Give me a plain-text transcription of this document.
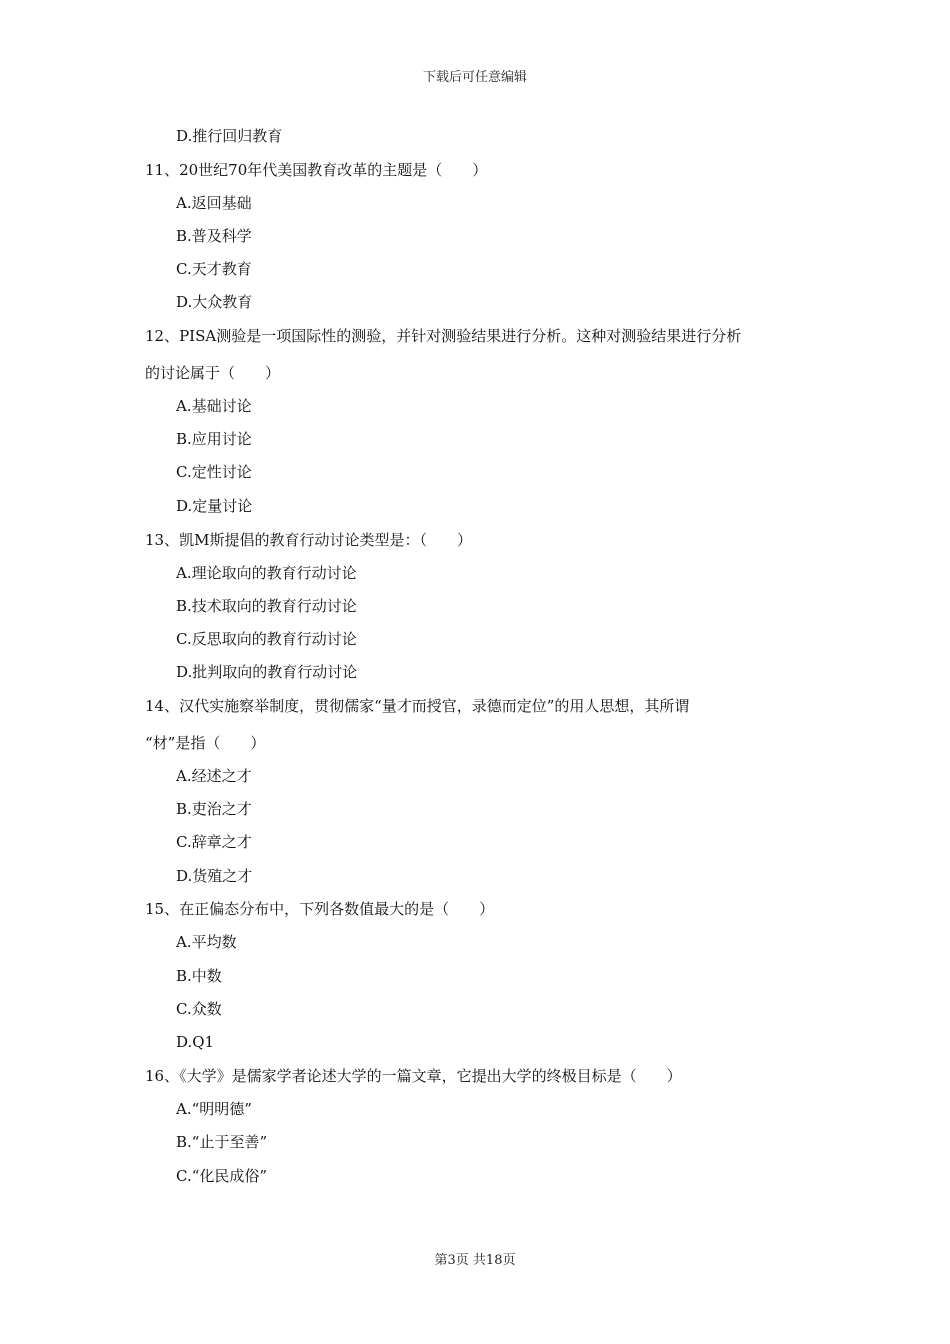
下载后可任意编辑
D.推行回归教育
11、20世纪70年代美国教育改革的主题是（　　）
A.返回基础
B.普及科学
C.天才教育
D.大众教育
12、PISA测验是一项国际性的测验，并针对测验结果进行分析。这种对测验结果进行分析
的讨论属于（　　）
A.基础讨论
B.应用讨论
C.定性讨论
D.定量讨论
13、凯M斯提倡的教育行动讨论类型是：（　　）
A.理论取向的教育行动讨论
B.技术取向的教育行动讨论
C.反思取向的教育行动讨论
D.批判取向的教育行动讨论
14、汉代实施察举制度，贯彻儒家“量才而授官，录德而定位”的用人思想，其所谓
“材”是指（　　）
A.经述之才
B.吏治之才
C.辞章之才
D.货殖之才
15、在正偏态分布中，下列各数值最大的是（　　）
A.平均数
B.中数
C.众数
D.Q1
16、《大学》是儒家学者论述大学的一篇文章，它提出大学的终极目标是（　　）
A.“明明德”
B.“止于至善”
C.“化民成俗”
第3页 共18页
